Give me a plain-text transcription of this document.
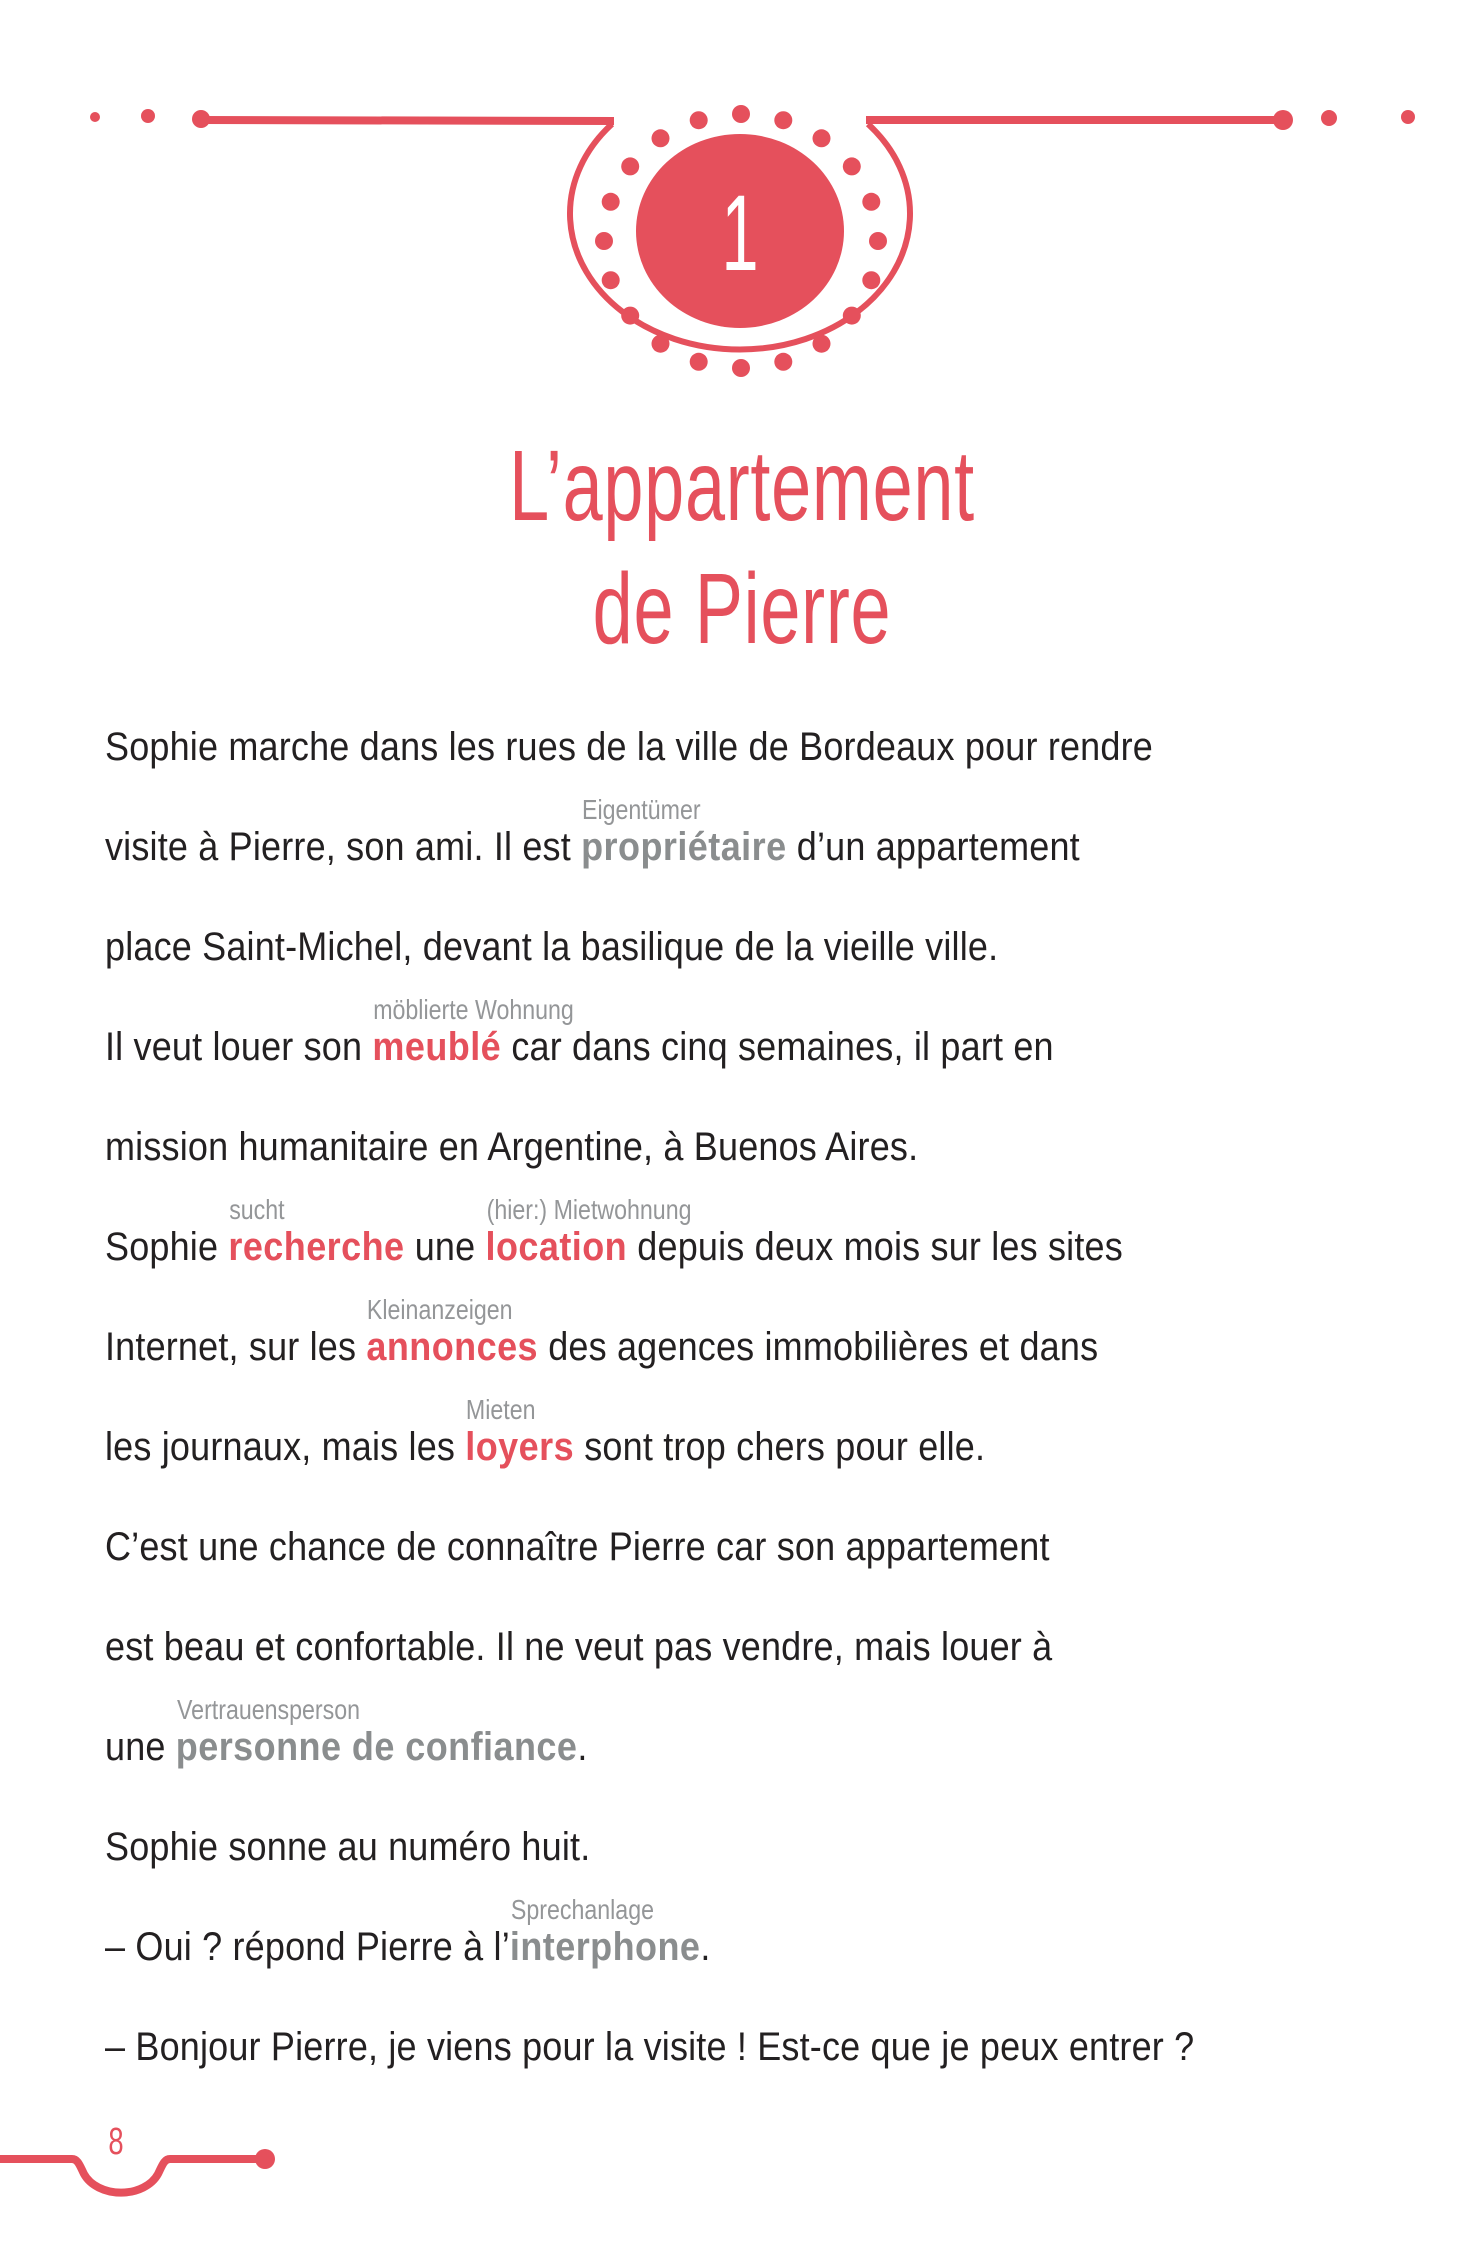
1
L’appartement
de Pierre
Sophie marche dans les rues de la ville de Bordeaux pour rendre
visite à Pierre, son ami. Il est propriétaire
Eigentümer
d’un appartement
place Saint-Michel, devant la basilique de la vieille ville.
Il veut louer son meublé
möblierte Wohnung
car dans cinq semaines, il part en
mission humanitaire en Argentine, à Buenos Aires.
Sophie recherche
sucht
une location
(hier:) Mietwohnung
depuis deux mois sur les sites
Internet, sur les annonces
Kleinanzeigen
des agences immobilières et dans
les journaux, mais les loyers
Mieten
sont trop chers pour elle.
C’est une chance de connaître Pierre car son appartement
est beau et confortable. Il ne veut pas vendre, mais louer à
une personne de confiance
Vertrauensperson
.
Sophie sonne au numéro huit.
– Oui ? répond Pierre à l’interphone
Sprechanlage
.
– Bonjour Pierre, je viens pour la visite ! Est-ce que je peux entrer ?
8
